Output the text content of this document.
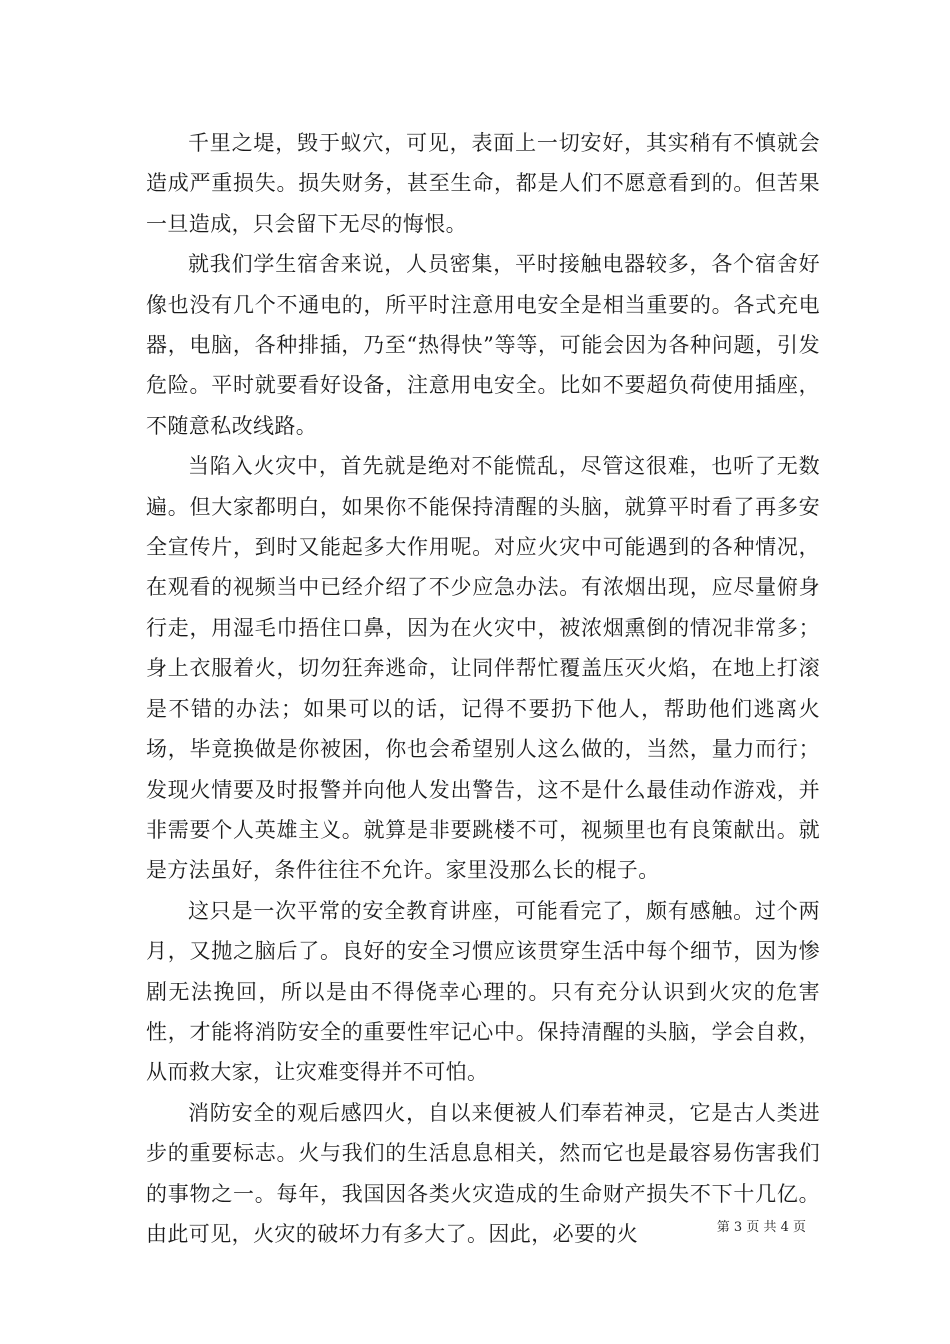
千里之堤，毁于蚁穴，可见，表面上一切安好，其实稍有不慎就会造成严重损失。损失财务，甚至生命，都是人们不愿意看到的。但苦果一旦造成，只会留下无尽的悔恨。

就我们学生宿舍来说，人员密集，平时接触电器较多，各个宿舍好像也没有几个不通电的，所平时注意用电安全是相当重要的。各式充电器，电脑，各种排插，乃至“热得快”等等，可能会因为各种问题，引发危险。平时就要看好设备，注意用电安全。比如不要超负荷使用插座，不随意私改线路。

当陷入火灾中，首先就是绝对不能慌乱，尽管这很难，也听了无数遍。但大家都明白，如果你不能保持清醒的头脑，就算平时看了再多安全宣传片，到时又能起多大作用呢。对应火灾中可能遇到的各种情况，在观看的视频当中已经介绍了不少应急办法。有浓烟出现，应尽量俯身行走，用湿毛巾捂住口鼻，因为在火灾中，被浓烟熏倒的情况非常多；身上衣服着火，切勿狂奔逃命，让同伴帮忙覆盖压灭火焰，在地上打滚是不错的办法；如果可以的话，记得不要扔下他人，帮助他们逃离火场，毕竟换做是你被困，你也会希望别人这么做的，当然，量力而行；发现火情要及时报警并向他人发出警告，这不是什么最佳动作游戏，并非需要个人英雄主义。就算是非要跳楼不可，视频里也有良策献出。就是方法虽好，条件往往不允许。家里没那么长的棍子。

这只是一次平常的安全教育讲座，可能看完了，颇有感触。过个两月，又抛之脑后了。良好的安全习惯应该贯穿生活中每个细节，因为惨剧无法挽回，所以是由不得侥幸心理的。只有充分认识到火灾的危害性，才能将消防安全的重要性牢记心中。保持清醒的头脑，学会自救，从而救大家，让灾难变得并不可怕。

消防安全的观后感四火，自以来便被人们奉若神灵，它是古人类进步的重要标志。火与我们的生活息息相关，然而它也是最容易伤害我们的事物之一。每年，我国因各类火灾造成的生命财产损失不下十几亿。由此可见，火灾的破坏力有多大了。因此，必要的火	第 3 页 共 4 页
